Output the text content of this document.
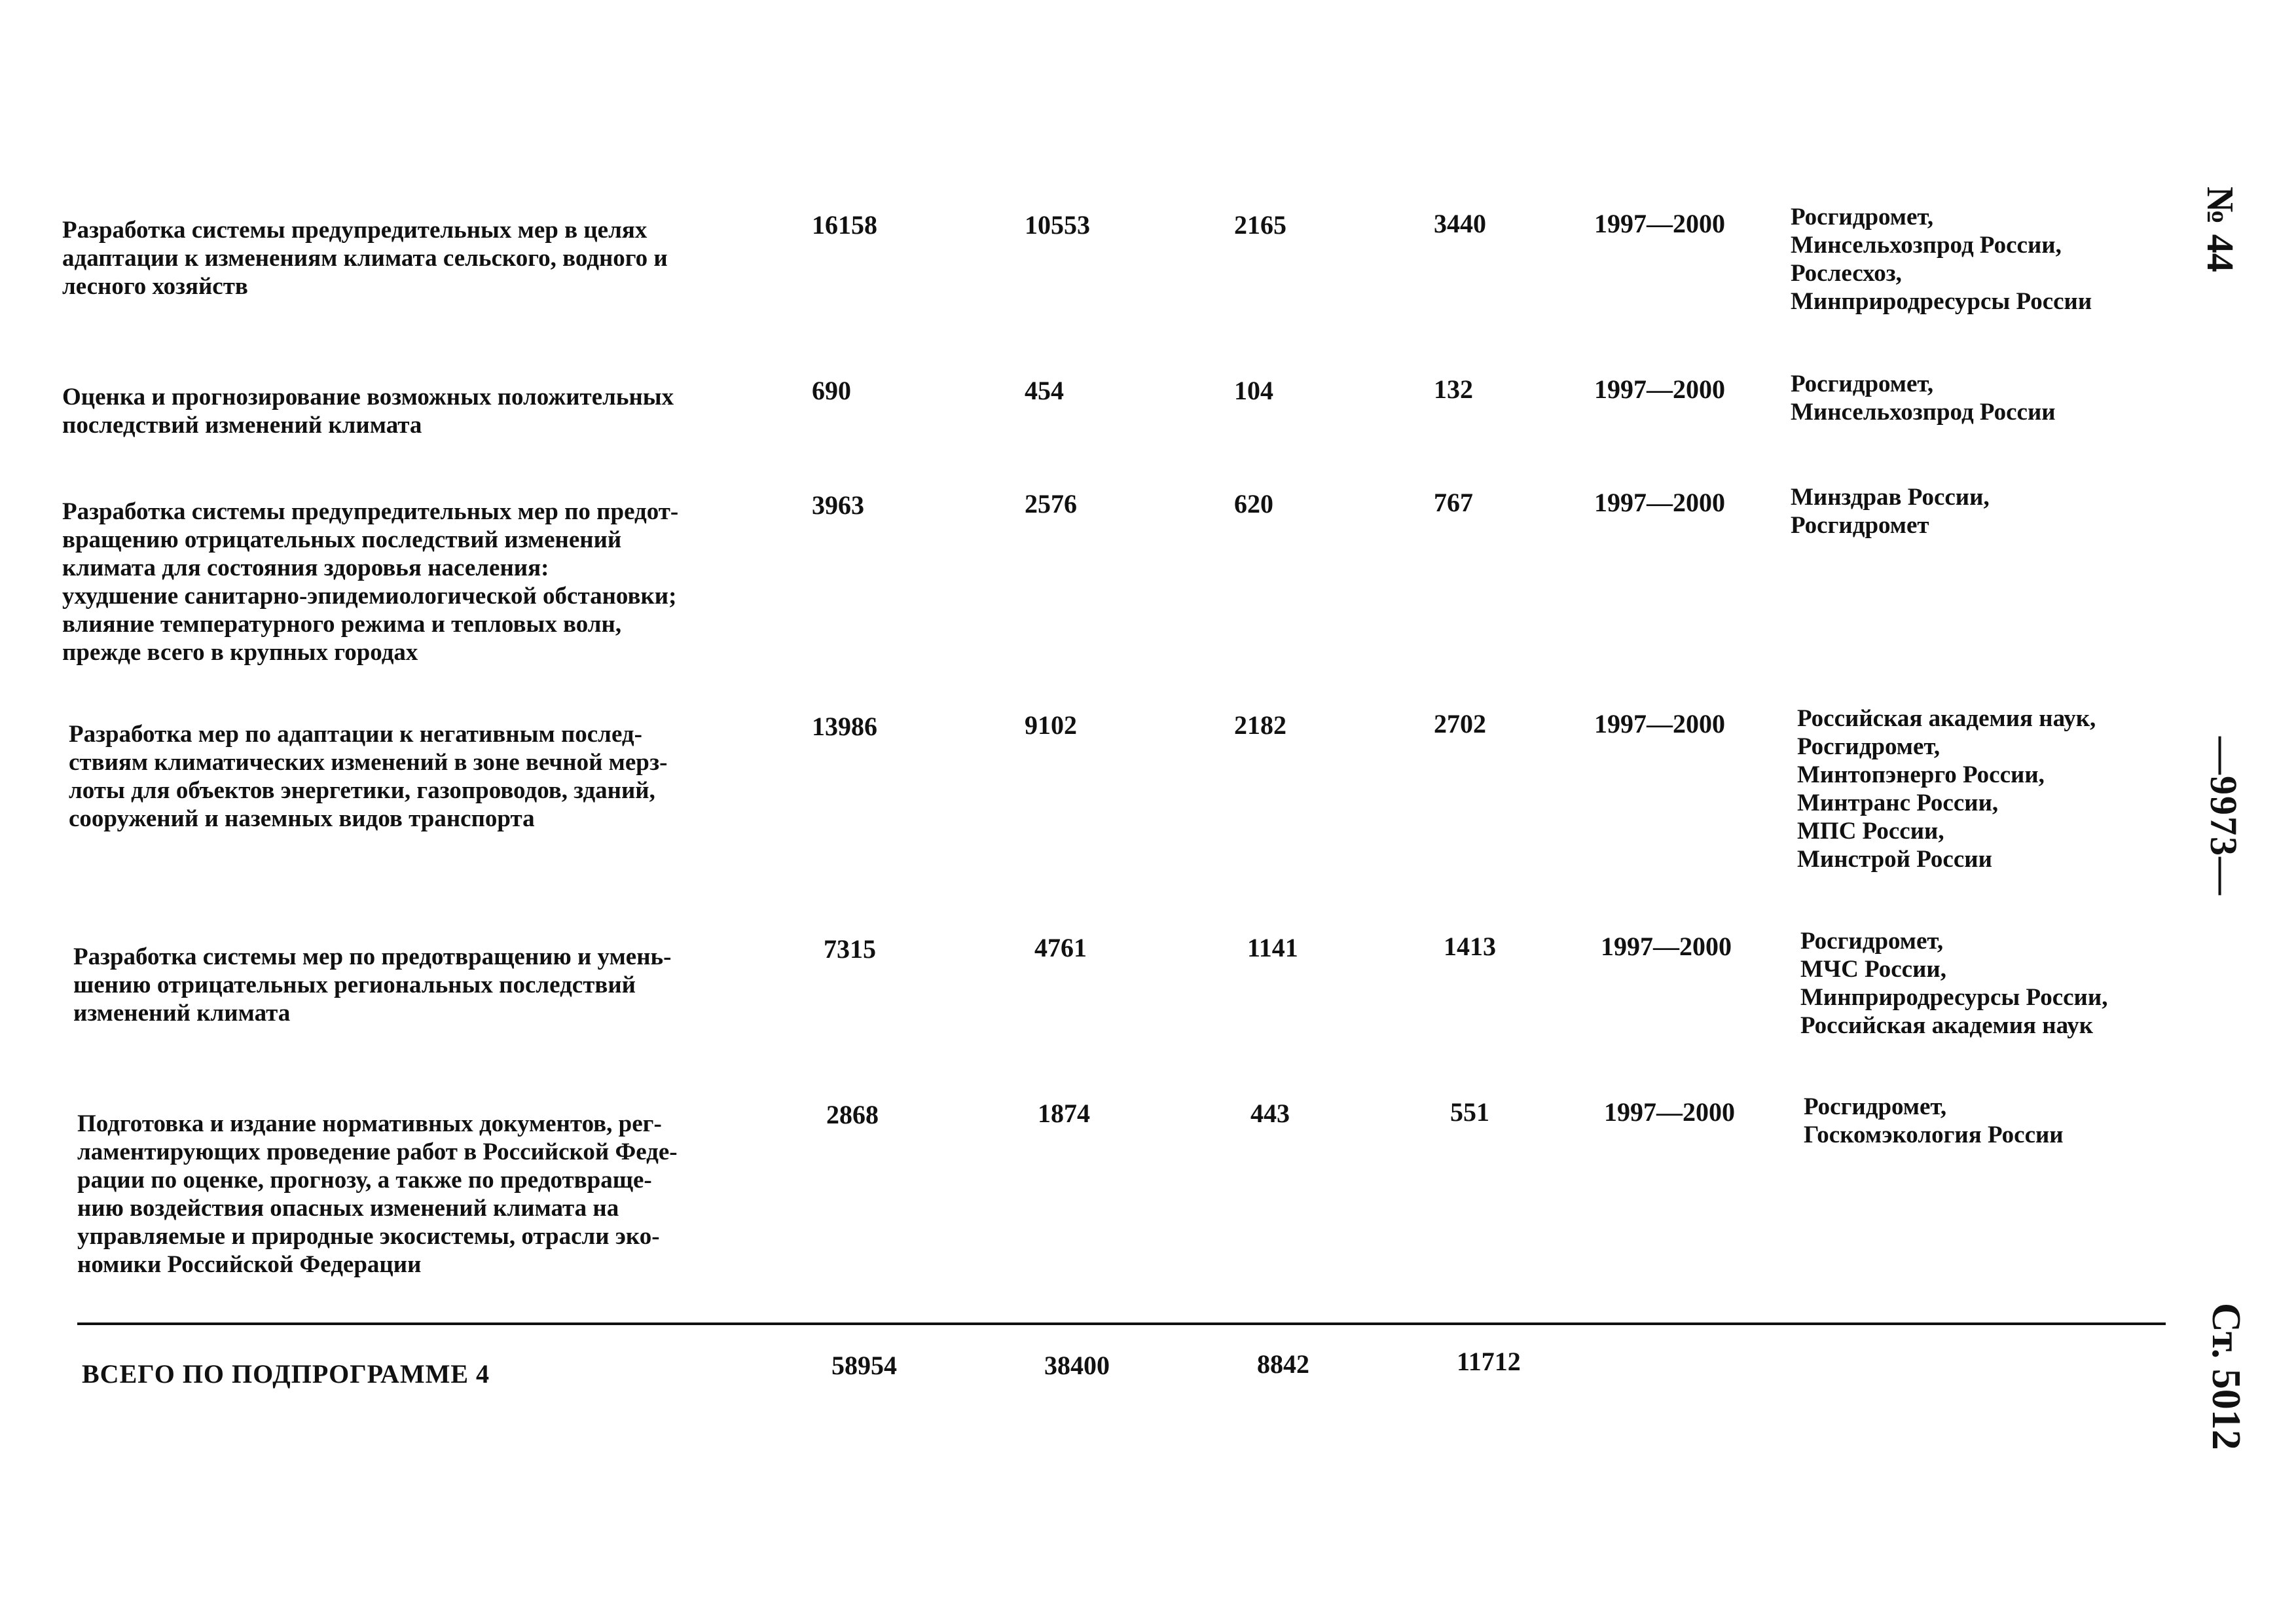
Разработка системы предупредительных мер в целях
адаптации к изменениям климата сельского, водного и
лесного хозяйств
16158	10553	2165	3440	1997—2000	Росгидромет,
Минсельхозпрод России,
Рослесхоз,
Минприродресурсы России
Оценка и прогнозирование возможных положительных
последствий изменений климата
690	454	104	132	1997—2000	Росгидромет,
Минсельхозпрод России
Разработка системы предупредительных мер по предот-
вращению отрицательных последствий изменений
климата для состояния здоровья населения:
ухудшение санитарно-эпидемиологической обстановки;
влияние температурного режима и тепловых волн,
прежде всего в крупных городах
3963	2576	620	767	1997—2000	Минздрав России,
Росгидромет
Разработка мер по адаптации к негативным послед-
ствиям климатических изменений в зоне вечной мерз-
лоты для объектов энергетики, газопроводов, зданий,
сооружений и наземных видов транспорта
13986	9102	2182	2702	1997—2000	Российская академия наук,
Росгидромет,
Минтопэнерго России,
Минтранс России,
МПС России,
Минстрой России
Разработка системы мер по предотвращению и умень-
шению отрицательных региональных последствий
изменений климата
7315	4761	1141	1413	1997—2000	Росгидромет,
МЧС России,
Минприродресурсы России,
Российская академия наук
Подготовка и издание нормативных документов, рег-
ламентирующих проведение работ в Российской Феде-
рации по оценке, прогнозу, а также по предотвраще-
нию воздействия опасных изменений климата на
управляемые и природные экосистемы, отрасли эко-
номики Российской Федерации
2868	1874	443	551	1997—2000	Росгидромет,
Госкомэкология России
ВСЕГО ПО ПОДПРОГРАММЕ 4	58954	38400	8842	11712
№ 44
—9973—
Ст. 5012
